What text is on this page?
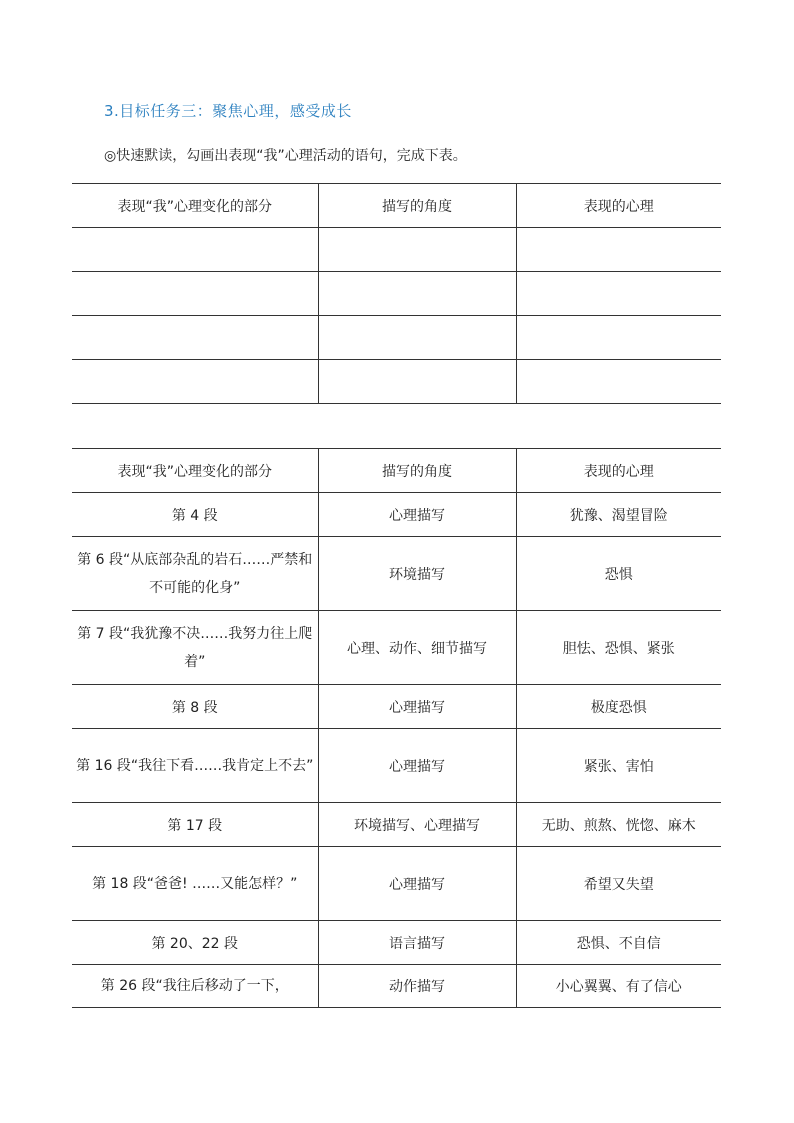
3.目标任务三：聚焦心理，感受成长
◎快速默读，勾画出表现“我”心理活动的语句，完成下表。
表现“我”心理变化的部分	描写的角度	表现的心理

表现“我”心理变化的部分	描写的角度	表现的心理
第 4 段	心理描写	犹豫、渴望冒险
第 6 段“从底部杂乱的岩石……严禁和不可能的化身”	环境描写	恐惧
第 7 段“我犹豫不决……我努力往上爬着”	心理、动作、细节描写	胆怯、恐惧、紧张
第 8 段	心理描写	极度恐惧
第 16 段“我往下看……我肯定上不去”	心理描写	紧张、害怕
第 17 段	环境描写、心理描写	无助、煎熬、恍惚、麻木
第 18 段“爸爸! ……又能怎样？”	心理描写	希望又失望
第 20、22 段	语言描写	恐惧、不自信
第 26 段“我往后移动了一下，	动作描写	小心翼翼、有了信心
